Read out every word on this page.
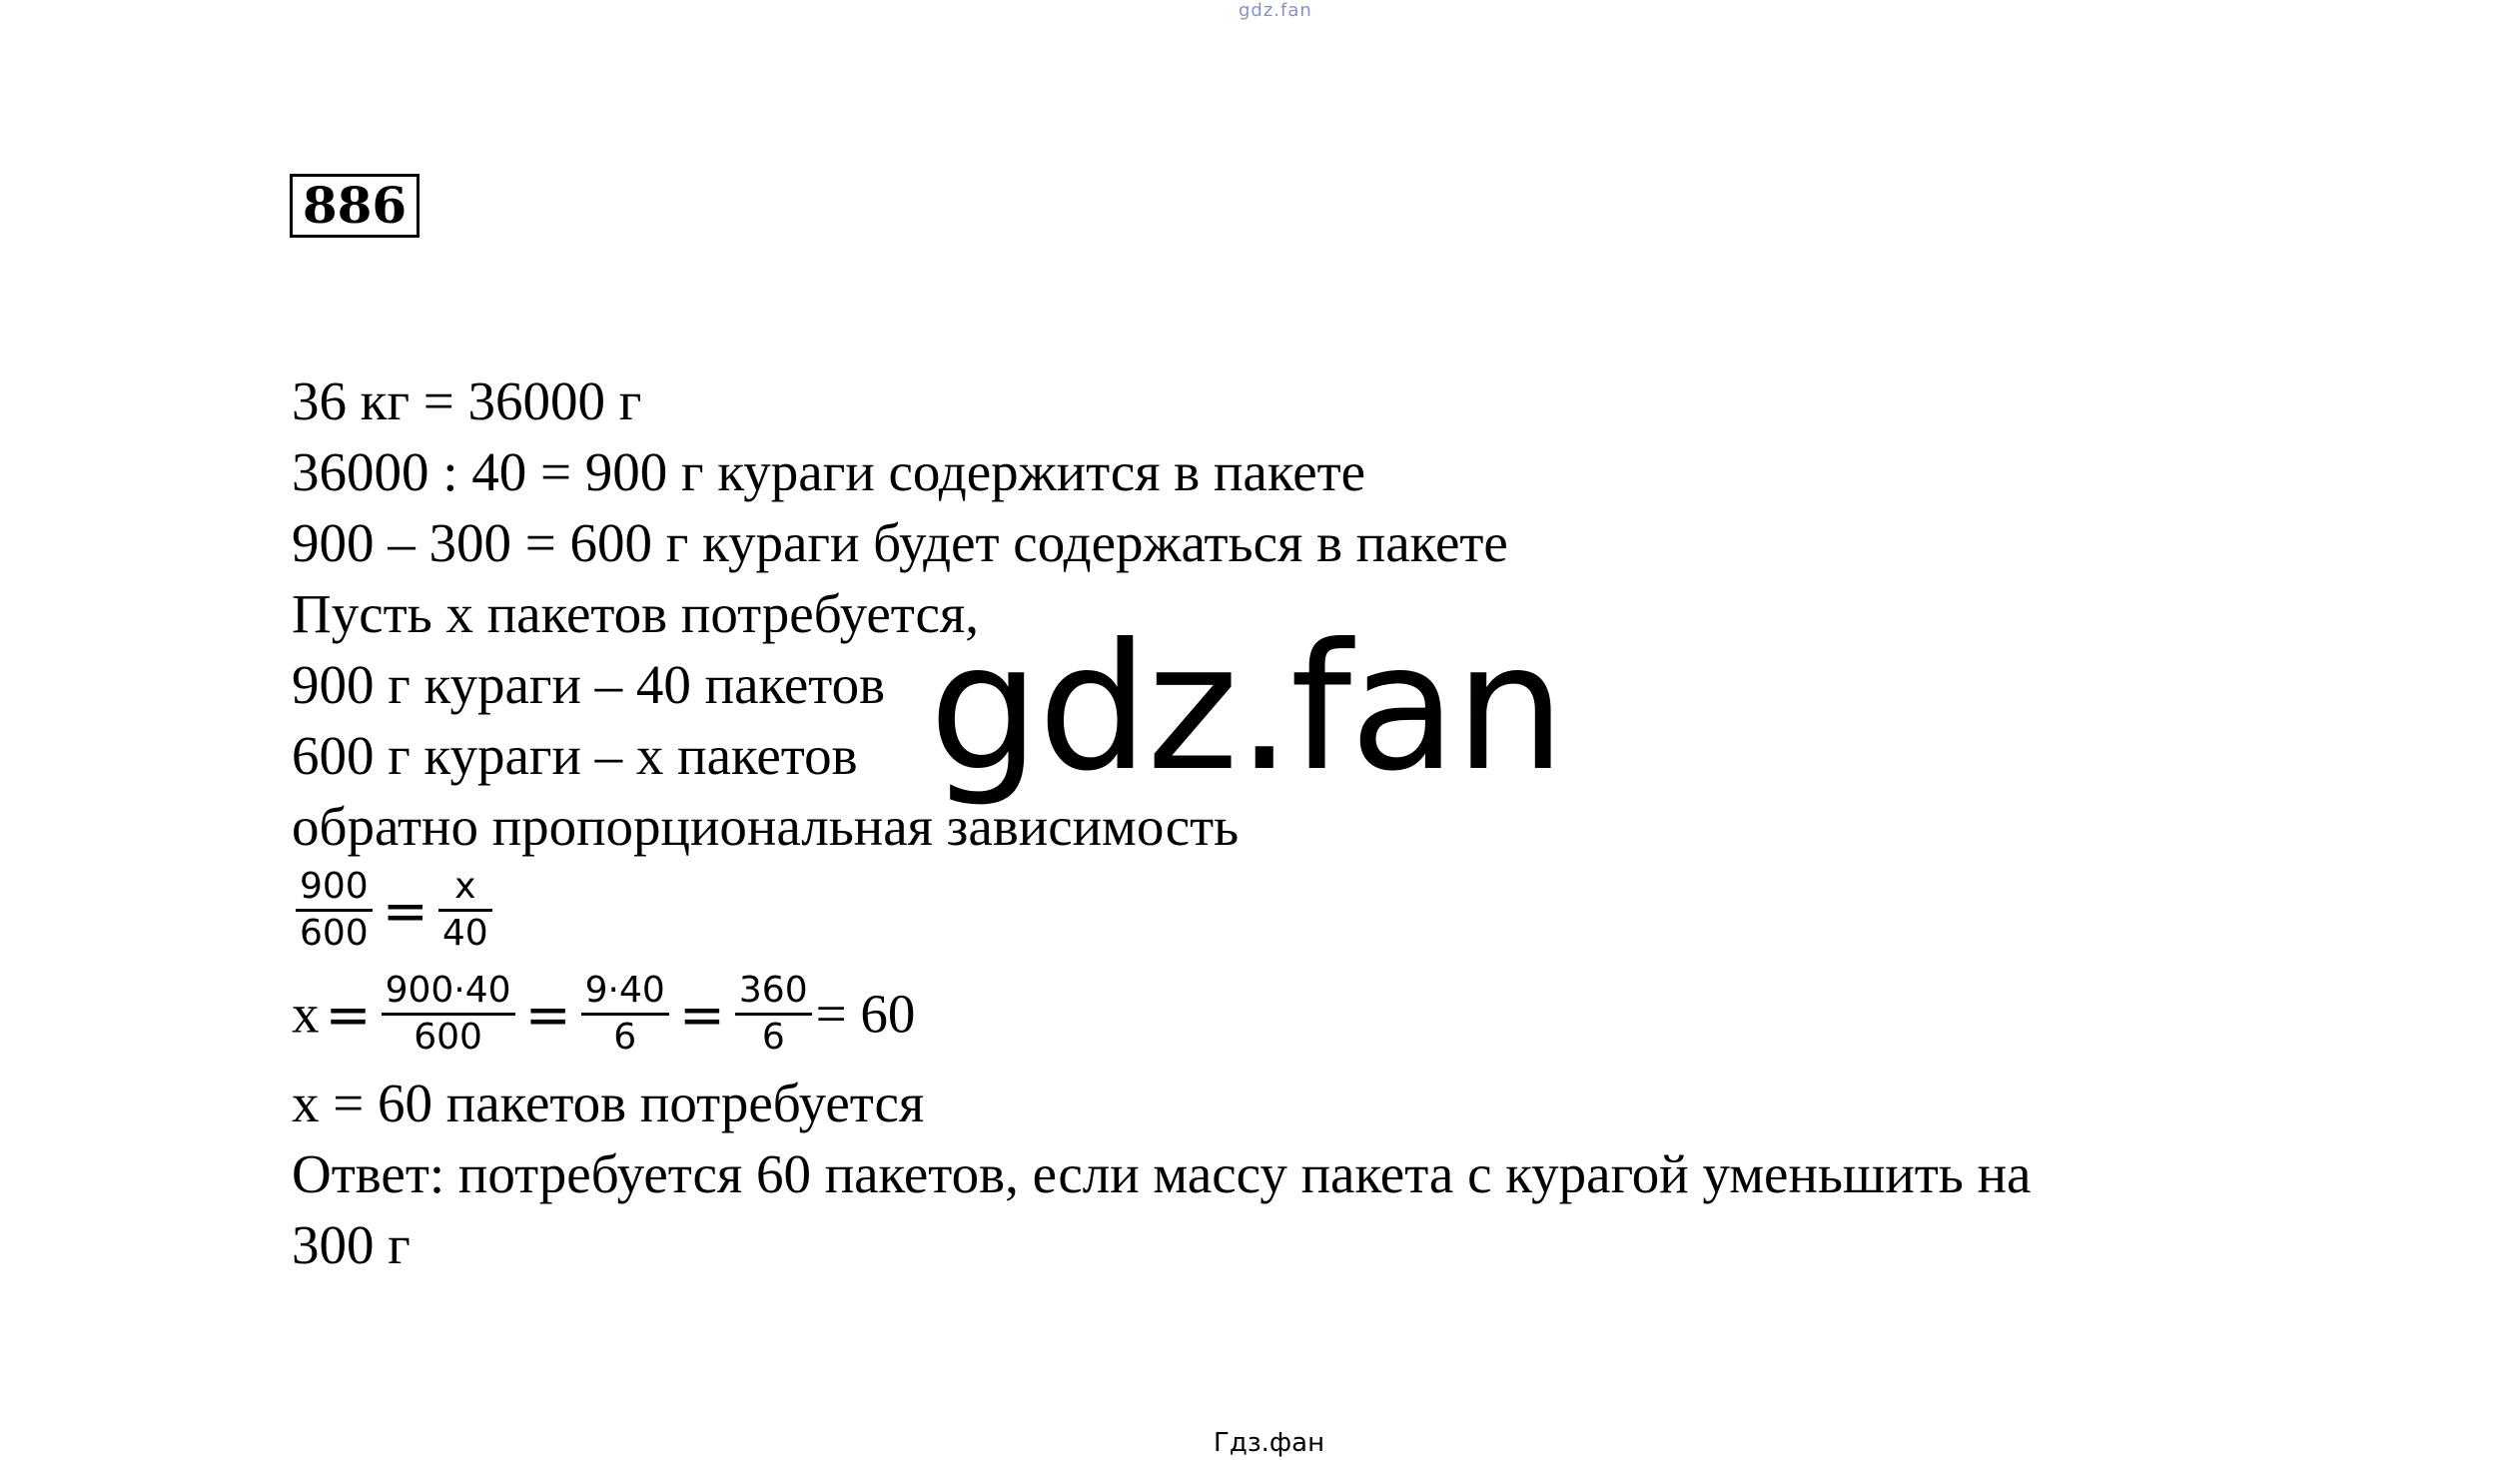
gdz.fan
886
36 кг = 36000 г
36000 : 40 = 900 г кураги содержится в пакете
900 – 300 = 600 г кураги будет содержаться в пакете
Пусть х пакетов потребуется,
900 г кураги – 40 пакетов
600 г кураги – х пакетов
обратно пропорциональная зависимость
$\frac{900}{600} = \frac{х}{40}$
$х = \frac{900\cdot 40}{600} = \frac{9\cdot 40}{6} = \frac{360}{6} = 60$
х = 60 пакетов потребуется
Ответ: потребуется 60 пакетов, если массу пакета с курагой уменьшить на
300 г
gdz.fan
Гдз.фан
